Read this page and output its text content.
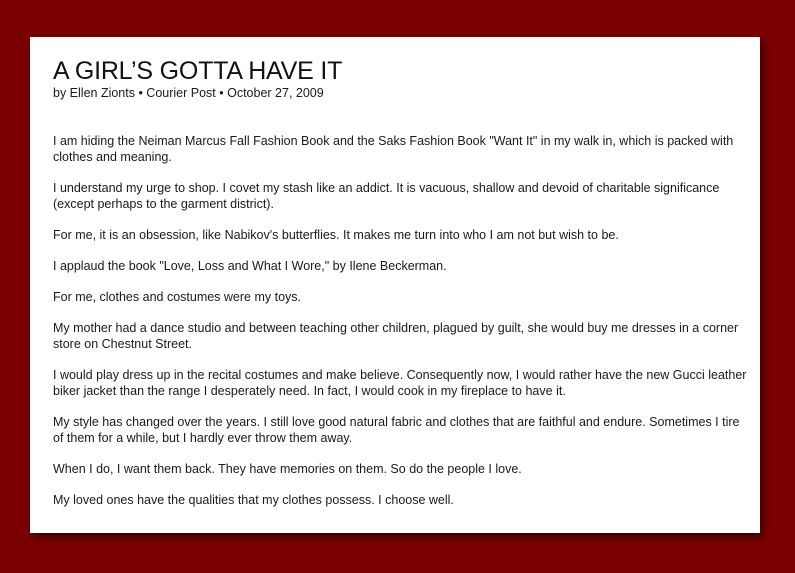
A GIRL’S GOTTA HAVE IT
by Ellen Zionts • Courier Post • October 27, 2009

I am hiding the Neiman Marcus Fall Fashion Book and the Saks Fashion Book "Want It" in my walk in, which is packed with clothes and meaning.

I understand my urge to shop. I covet my stash like an addict. It is vacuous, shallow and devoid of charitable significance (except perhaps to the garment district).

For me, it is an obsession, like Nabikov's butterflies. It makes me turn into who I am not but wish to be.

I applaud the book "Love, Loss and What I Wore," by Ilene Beckerman.

For me, clothes and costumes were my toys.

My mother had a dance studio and between teaching other children, plagued by guilt, she would buy me dresses in a corner store on Chestnut Street.

I would play dress up in the recital costumes and make believe. Consequently now, I would rather have the new Gucci leather biker jacket than the range I desperately need. In fact, I would cook in my fireplace to have it.

My style has changed over the years. I still love good natural fabric and clothes that are faithful and endure. Sometimes I tire of them for a while, but I hardly ever throw them away.

When I do, I want them back. They have memories on them. So do the people I love.

My loved ones have the qualities that my clothes possess. I choose well.
